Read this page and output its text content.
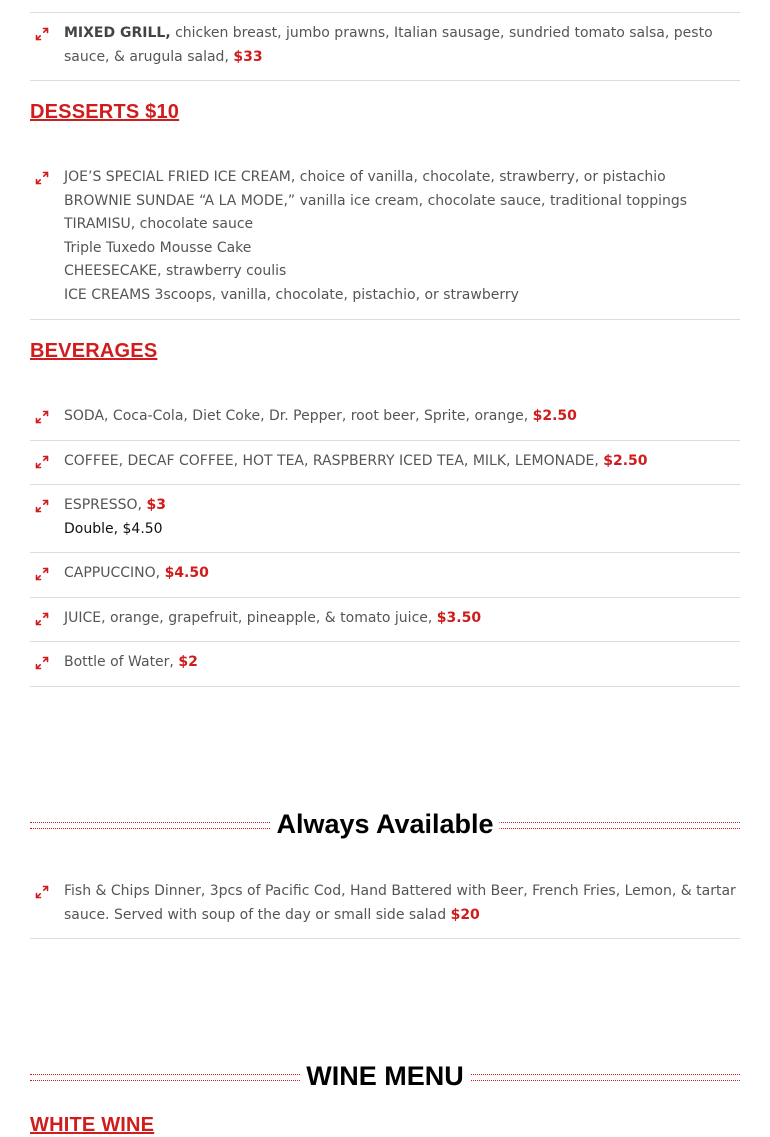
MIXED GRILL, chicken breast, jumbo prawns, Italian sausage, sundried tomato salsa, pesto sauce, & arugula salad, $33
DESSERTS $10
JOE’S SPECIAL FRIED ICE CREAM, choice of vanilla, chocolate, strawberry, or pistachio
BROWNIE SUNDAE “A LA MODE,” vanilla ice cream, chocolate sauce, traditional toppings
TIRAMISU, chocolate sauce
Triple Tuxedo Mousse Cake
CHEESECAKE, strawberry coulis
ICE CREAMS 3scoops, vanilla, chocolate, pistachio, or strawberry
BEVERAGES
SODA, Coca-Cola, Diet Coke, Dr. Pepper, root beer, Sprite, orange, $2.50
COFFEE, DECAF COFFEE, HOT TEA, RASPBERRY ICED TEA, MILK, LEMONADE, $2.50
ESPRESSO, $3
Double, $4.50
CAPPUCCINO, $4.50
JUICE, orange, grapefruit, pineapple, & tomato juice, $3.50
Bottle of Water, $2
Always Available
Fish & Chips Dinner, 3pcs of Pacific Cod, Hand Battered with Beer, French Fries, Lemon, & tartar sauce. Served with soup of the day or small side salad $20
WINE MENU
WHITE WINE
